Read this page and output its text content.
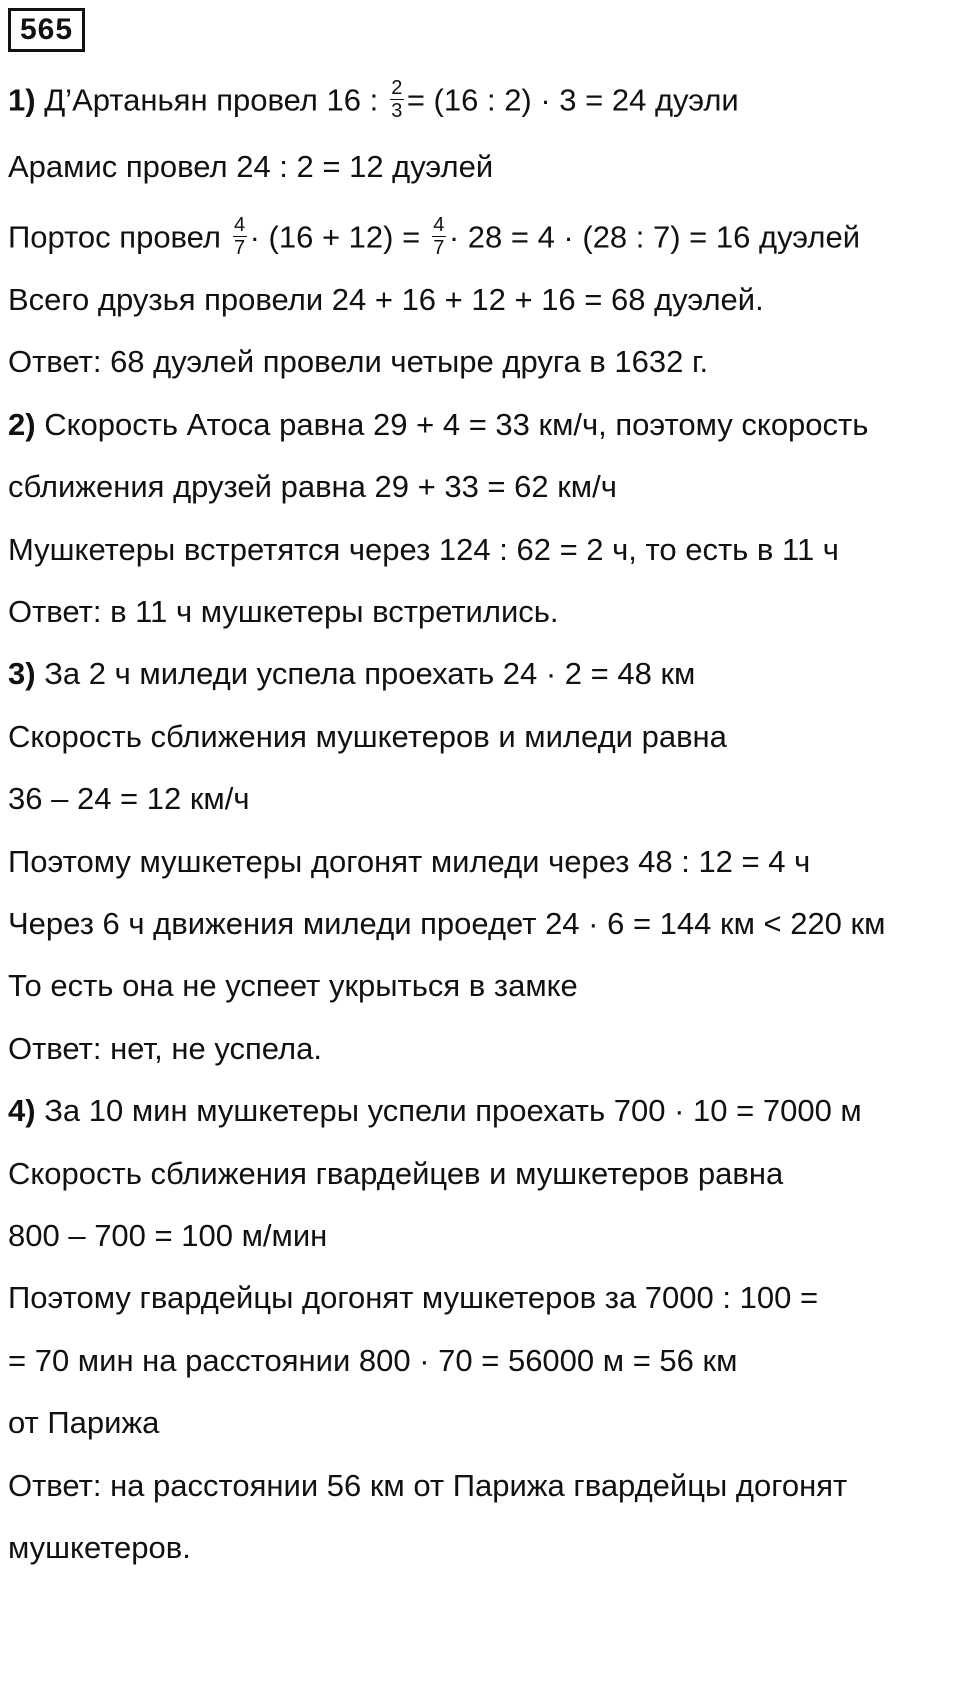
565
1) Д’Артаньян провел 16 : $\frac{2}{3} = (16$ : 2) · 3 = 24 дуэли
Арамис провел 24 : 2 = 12 дуэлей
Портос провел $\frac{4}{7} \cdot (16 + 12) = \frac{4}{7} \cdot 28 = 4 \cdot (28$ : 7) = 16 дуэлей
Всего друзья провели 24 + 16 + 12 + 16 = 68 дуэлей.
Ответ: 68 дуэлей провели четыре друга в 1632 г.
2) Скорость Атоса равна 29 + 4 = 33 км/ч, поэтому скорость
сближения друзей равна 29 + 33 = 62 км/ч
Мушкетеры встретятся через 124 : 62 = 2 ч, то есть в 11 ч
Ответ: в 11 ч мушкетеры встретились.
3) За 2 ч миледи успела проехать 24 · 2 = 48 км
Скорость сближения мушкетеров и миледи равна
36 – 24 = 12 км/ч
Поэтому мушкетеры догонят миледи через 48 : 12 = 4 ч
Через 6 ч движения миледи проедет 24 · 6 = 144 км < 220 км
То есть она не успеет укрыться в замке
Ответ: нет, не успела.
4) За 10 мин мушкетеры успели проехать 700 · 10 = 7000 м
Скорость сближения гвардейцев и мушкетеров равна
800 – 700 = 100 м/мин
Поэтому гвардейцы догонят мушкетеров за 7000 : 100 =
= 70 мин на расстоянии 800 · 70 = 56000 м = 56 км
от Парижа
Ответ: на расстоянии 56 км от Парижа гвардейцы догонят
мушкетеров.
